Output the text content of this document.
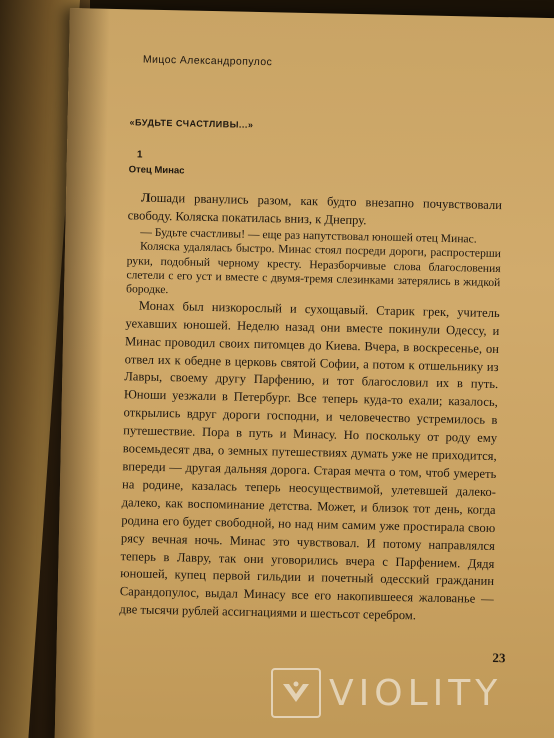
Мицос Александропулос
«БУДЬТЕ СЧАСТЛИВЫ...»
1
Отец Минас

Лошади рванулись разом, как будто внезапно почувствовали свободу. Коляска покатилась вниз, к Днепру.

— Будьте счастливы! — еще раз напутствовал юношей отец Минас.

Коляска удалялась быстро. Минас стоял посреди дороги, распростерши руки, подобный черному кресту. Неразборчивые слова благословения слетели с его уст и вместе с двумя-тремя слезинками затерялись в жидкой бородке.

Монах был низкорослый и сухощавый. Старик грек, учитель уехавших юношей. Неделю назад они вместе покинули Одессу, и Минас проводил своих питомцев до Киева. Вчера, в воскресенье, он отвел их к обедне в церковь святой Софии, а потом к отшельнику из Лавры, своему другу Парфению, и тот благословил их в путь. Юноши уезжали в Петербург. Все теперь куда-то ехали; казалось, открылись вдруг дороги господни, и человечество устремилось в путешествие. Пора в путь и Минасу. Но поскольку от роду ему восемьдесят два, о земных путешествиях думать уже не приходится, впереди — другая дальняя дорога. Старая мечта о том, чтоб умереть на родине, казалась теперь неосуществимой, улетевшей далеко-далеко, как воспоминание детства. Может, и близок тот день, когда родина его будет свободной, но над ним самим уже простирала свою рясу вечная ночь. Минас это чувствовал. И потому направлялся теперь в Лавру, так они уговорились вчера с Парфением. Дядя юношей, купец первой гильдии и почетный одесский гражданин Сарандопулос, выдал Минасу все его накопившееся жалованье — две тысячи рублей ассигнациями и шестьсот серебром.

23
VIOLITY
